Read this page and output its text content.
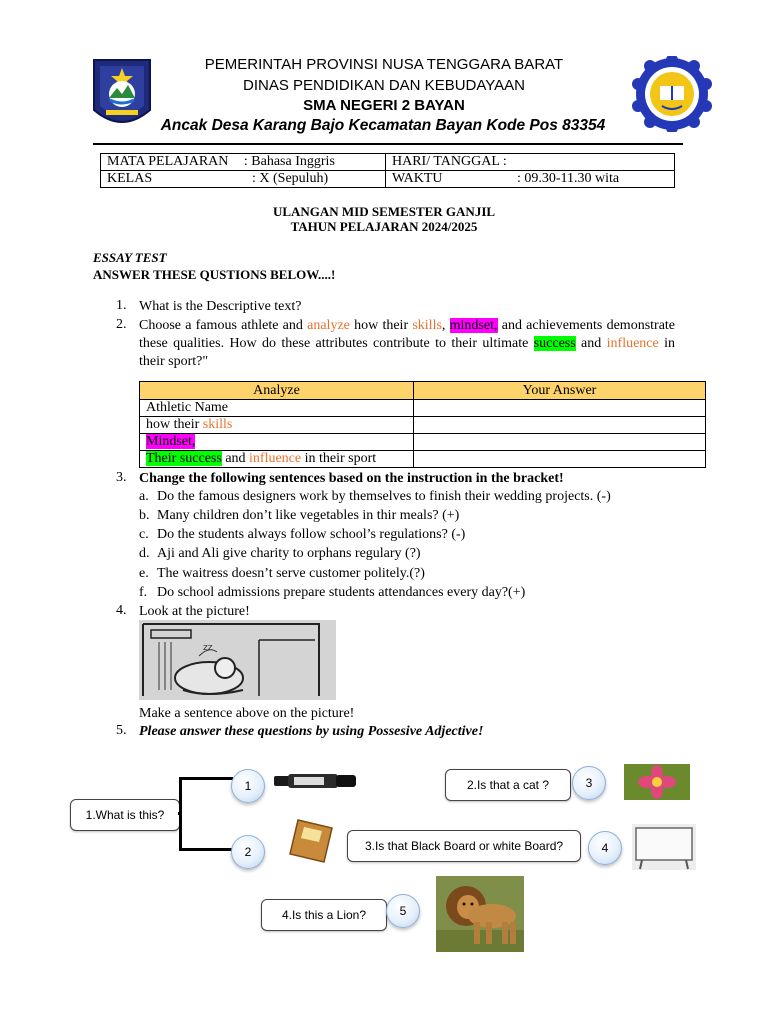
PEMERINTAH PROVINSI NUSA TENGGARA BARAT
DINAS PENDIDIKAN DAN KEBUDAYAAN
SMA NEGERI 2 BAYAN
Ancak Desa Karang Bajo Kecamatan Bayan Kode Pos 83354
MATA PELAJARAN : Bahasa Inggris	HARI/ TANGGAL :
KELAS : X (Sepuluh)	WAKTU : 09.30-11.30 wita
ULANGAN MID SEMESTER GANJIL
TAHUN PELAJARAN 2024/2025
ESSAY TEST
ANSWER THESE QUSTIONS BELOW....!
1. What is the Descriptive text?
2. Choose a famous athlete and analyze how their skills, mindset, and achievements demonstrate these qualities. How do these attributes contribute to their ultimate success and influence in their sport?"
Analyze	Your Answer
Athletic Name	
how their skills	
Mindset,	
Their success and influence in their sport	
3. Change the following sentences based on the instruction in the bracket!
a. Do the famous designers work by themselves to finish their wedding projects. (-)
b. Many children don’t like vegetables in thir meals? (+)
c. Do the students always follow school’s regulations? (-)
d. Aji and Ali give charity to orphans regulary (?)
e. The waitress doesn’t serve customer politely.(?)
f. Do school admissions prepare students attendances every day?(+)
4. Look at the picture!
zz
Make a sentence above on the picture!
5. Please answer these questions by using Possesive Adjective!
1.What is this?
1
2
2.Is that a cat ?	3
3.Is that Black Board or white Board?	4
4.Is this a Lion?	5
